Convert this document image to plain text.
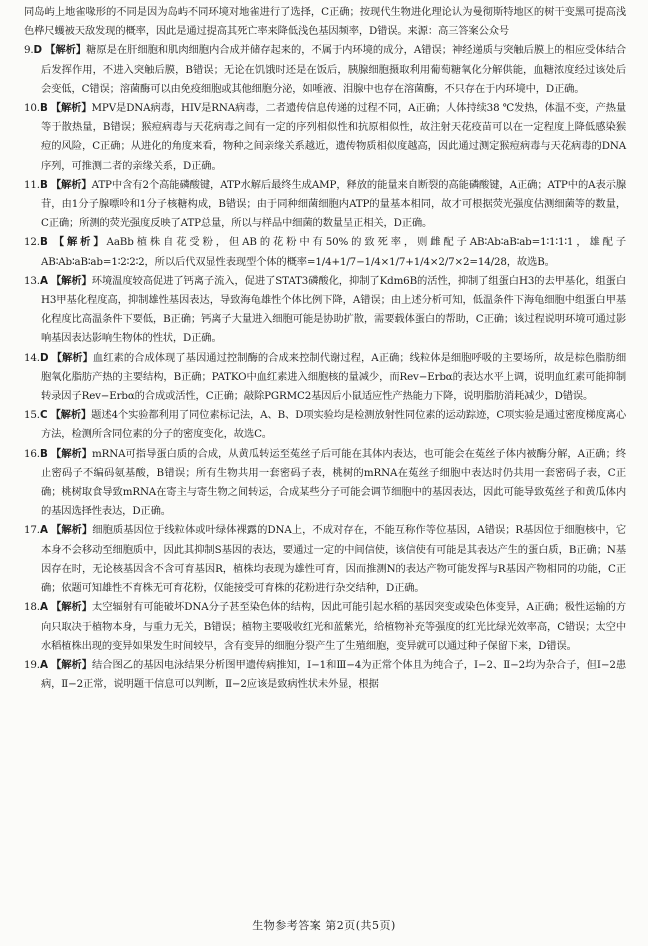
同岛屿上地雀喙形的不同是因为岛屿不同环境对地雀进行了选择，C正确；按现代生物进化理论认为曼彻斯特地区的树干变黑可提高浅色桦尺蠖被天敌发现的概率，因此是通过提高其死亡率来降低浅色基因频率，D错误。来源：高三答案公众号

9.D 【解析】糖原是在肝细胞和肌肉细胞内合成并储存起来的，不属于内环境的成分，A错误；神经递质与突触后膜上的相应受体结合后发挥作用，不进入突触后膜，B错误；无论在饥饿时还是在饭后，胰腺细胞摄取利用葡萄糖氧化分解供能，血糖浓度经过该处后会变低，C错误；溶菌酶可以由免疫细胞或其他细胞分泌，如唾液、泪腺中也存在溶菌酶，不只存在于内环境中，D正确。

10.B 【解析】MPV是DNA病毒，HIV是RNA病毒，二者遗传信息传递的过程不同，A正确；人体持续38 ℃发热，体温不变，产热量等于散热量，B错误；猴痘病毒与天花病毒之间有一定的序列相似性和抗原相似性，故注射天花疫苗可以在一定程度上降低感染猴痘的风险，C正确；从进化的角度来看，物种之间亲缘关系越近，遗传物质相似度越高，因此通过测定猴痘病毒与天花病毒的DNA序列，可推测二者的亲缘关系，D正确。

11.B 【解析】ATP中含有2个高能磷酸键，ATP水解后最终生成AMP，释放的能量来自断裂的高能磷酸键，A正确；ATP中的A表示腺苷，由1分子腺嘌呤和1分子核糖构成，B错误；由于同种细菌细胞内ATP的量基本相同，故才可根据荧光强度估测细菌等的数量，C正确；所测的荧光强度反映了ATP总量，所以与样品中细菌的数量呈正相关，D正确。

12.B 【解析】AaBb植株自花受粉，但AB的花粉中有50%的致死率，则雌配子AB∶Ab∶aB∶ab=1∶1∶1∶1，雄配子AB∶Ab∶aB∶ab=1∶2∶2∶2，所以后代双显性表现型个体的概率=1/4+1/7−1/4×1/7+1/4×2/7×2=14/28，故选B。

13.A 【解析】环境温度较高促进了钙离子流入，促进了STAT3磷酸化，抑制了Kdm6B的活性，抑制了组蛋白H3的去甲基化，组蛋白H3甲基化程度高，抑制雄性基因表达，导致海龟雄性个体比例下降，A错误；由上述分析可知，低温条件下海龟细胞中组蛋白甲基化程度比高温条件下要低，B正确；钙离子大量进入细胞可能是协助扩散，需要载体蛋白的帮助，C正确；该过程说明环境可通过影响基因表达影响生物体的性状，D正确。

14.D 【解析】血红素的合成体现了基因通过控制酶的合成来控制代谢过程，A正确；线粒体是细胞呼吸的主要场所，故是棕色脂肪细胞氧化脂肪产热的主要结构，B正确；PATKO中血红素进入细胞核的量减少，而Rev−Erbα的表达水平上调，说明血红素可能抑制转录因子Rev−Erbα的合成或活性，C正确；敲除PGRMC2基因后小鼠适应性产热能力下降，说明脂肪消耗减少，D错误。

15.C 【解析】题述4个实验都利用了同位素标记法，A、B、D项实验均是检测放射性同位素的运动踪迹，C项实验是通过密度梯度离心方法，检测所含同位素的分子的密度变化，故选C。

16.B 【解析】mRNA可指导蛋白质的合成，从黄瓜转运至菟丝子后可能在其体内表达，也可能会在菟丝子体内被酶分解，A正确；终止密码子不编码氨基酸，B错误；所有生物共用一套密码子表，桃树的mRNA在菟丝子细胞中表达时仍共用一套密码子表，C正确；桃树取食导致mRNA在寄主与寄生物之间转运，合成某些分子可能会调节细胞中的基因表达，因此可能导致菟丝子和黄瓜体内的基因选择性表达，D正确。

17.A 【解析】细胞质基因位于线粒体或叶绿体裸露的DNA上，不成对存在，不能互称作等位基因，A错误；R基因位于细胞核中，它本身不会移动至细胞质中，因此其抑制S基因的表达，要通过一定的中间信使，该信使有可能是其表达产生的蛋白质，B正确；N基因存在时，无论核基因含不含可育基因R，植株均表现为雄性可育，因而推测N的表达产物可能发挥与R基因产物相同的功能，C正确；依题可知雄性不育株无可育花粉，仅能接受可育株的花粉进行杂交结种，D正确。

18.A 【解析】太空辐射有可能破坏DNA分子甚至染色体的结构，因此可能引起水稻的基因突变或染色体变异，A正确；极性运输的方向只取决于植物本身，与重力无关，B错误；植物主要吸收红光和蓝紫光，给植物补充等强度的红光比绿光效率高，C错误；太空中水稻植株出现的变异如果发生时间较早，含有变异的细胞分裂产生了生殖细胞，变异就可以通过种子保留下来，D错误。

19.A 【解析】结合图乙的基因电泳结果分析图甲遗传病推知，Ⅰ−1和Ⅲ−4为正常个体且为纯合子，Ⅰ−2、Ⅱ−2均为杂合子，但Ⅰ−2患病，Ⅱ−2正常，说明题干信息可以判断，Ⅱ−2应该是致病性状未外显，根据

生物参考答案 第2页(共5页)
